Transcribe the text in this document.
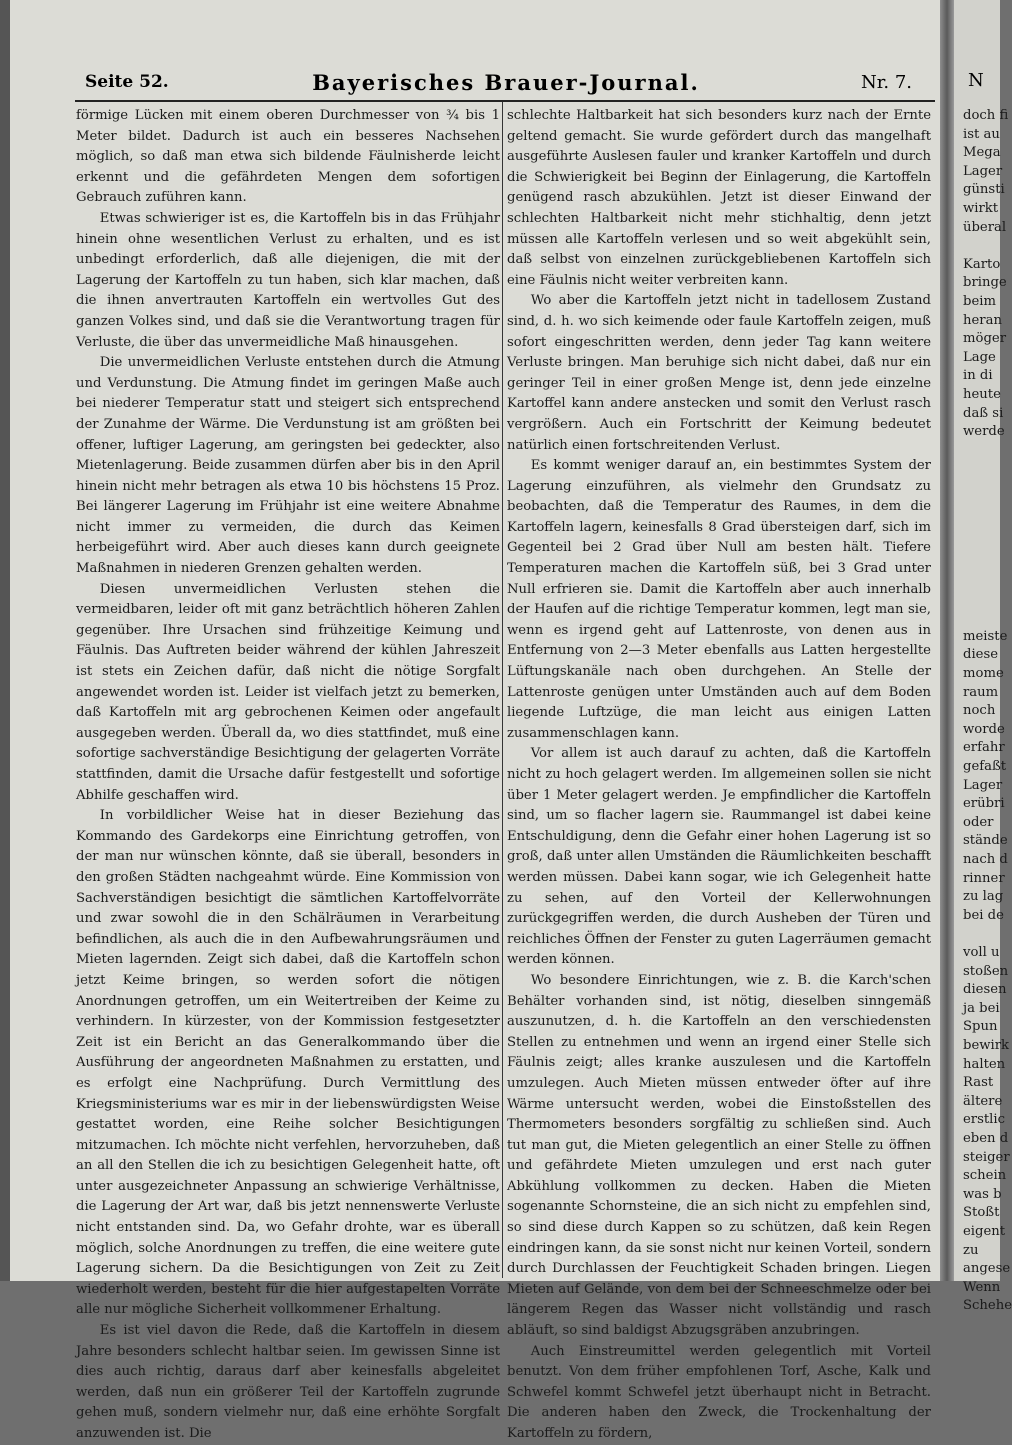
Seite 52.	Bayerisches Brauer-Journal.	Nr. 7.

förmige Lücken mit einem oberen Durchmesser von ¾ bis 1 Meter bildet. Dadurch ist auch ein besseres Nachsehen möglich, so daß man etwa sich bildende Fäulnisherde leicht erkennt und die gefährdeten Mengen dem sofortigen Gebrauch zuführen kann.

Etwas schwieriger ist es, die Kartoffeln bis in das Frühjahr hinein ohne wesentlichen Verlust zu erhalten, und es ist unbedingt erforderlich, daß alle diejenigen, die mit der Lagerung der Kartoffeln zu tun haben, sich klar machen, daß die ihnen anvertrauten Kartoffeln ein wertvolles Gut des ganzen Volkes sind, und daß sie die Verantwortung tragen für Verluste, die über das unvermeidliche Maß hinausgehen.

Die unvermeidlichen Verluste entstehen durch die Atmung und Verdunstung. Die Atmung findet im geringen Maße auch bei niederer Temperatur statt und steigert sich entsprechend der Zunahme der Wärme. Die Verdunstung ist am größten bei offener, luftiger Lagerung, am geringsten bei gedeckter, also Mietenlagerung. Beide zusammen dürfen aber bis in den April hinein nicht mehr betragen als etwa 10 bis höchstens 15 Proz. Bei längerer Lagerung im Frühjahr ist eine weitere Abnahme nicht immer zu vermeiden, die durch das Keimen herbeigeführt wird. Aber auch dieses kann durch geeignete Maßnahmen in niederen Grenzen gehalten werden.

Diesen unvermeidlichen Verlusten stehen die vermeidbaren, leider oft mit ganz beträchtlich höheren Zahlen gegenüber. Ihre Ursachen sind frühzeitige Keimung und Fäulnis. Das Auftreten beider während der kühlen Jahreszeit ist stets ein Zeichen dafür, daß nicht die nötige Sorgfalt angewendet worden ist. Leider ist vielfach jetzt zu bemerken, daß Kartoffeln mit arg gebrochenen Keimen oder angefault ausgegeben werden. Überall da, wo dies stattfindet, muß eine sofortige sachverständige Besichtigung der gelagerten Vorräte stattfinden, damit die Ursache dafür festgestellt und sofortige Abhilfe geschaffen wird.

In vorbildlicher Weise hat in dieser Beziehung das Kommando des Gardekorps eine Einrichtung getroffen, von der man nur wünschen könnte, daß sie überall, besonders in den großen Städten nachgeahmt würde. Eine Kommission von Sachverständigen besichtigt die sämtlichen Kartoffelvorräte und zwar sowohl die in den Schälräumen in Verarbeitung befindlichen, als auch die in den Aufbewahrungsräumen und Mieten lagernden. Zeigt sich dabei, daß die Kartoffeln schon jetzt Keime bringen, so werden sofort die nötigen Anordnungen getroffen, um ein Weitertreiben der Keime zu verhindern. In kürzester, von der Kommission festgesetzter Zeit ist ein Bericht an das Generalkommando über die Ausführung der angeordneten Maßnahmen zu erstatten, und es erfolgt eine Nachprüfung. Durch Vermittlung des Kriegsministeriums war es mir in der liebenswürdigsten Weise gestattet worden, eine Reihe solcher Besichtigungen mitzumachen. Ich möchte nicht verfehlen, hervorzuheben, daß an all den Stellen die ich zu besichtigen Gelegenheit hatte, oft unter ausgezeichneter Anpassung an schwierige Verhältnisse, die Lagerung der Art war, daß bis jetzt nennenswerte Verluste nicht entstanden sind. Da, wo Gefahr drohte, war es überall möglich, solche Anordnungen zu treffen, die eine weitere gute Lagerung sichern. Da die Besichtigungen von Zeit zu Zeit wiederholt werden, besteht für die hier aufgestapelten Vorräte alle nur mögliche Sicherheit vollkommener Erhaltung.

Es ist viel davon die Rede, daß die Kartoffeln in diesem Jahre besonders schlecht haltbar seien. Im gewissen Sinne ist dies auch richtig, daraus darf aber keinesfalls abgeleitet werden, daß nun ein größerer Teil der Kartoffeln zugrunde gehen muß, sondern vielmehr nur, daß eine erhöhte Sorgfalt anzuwenden ist. Die

schlechte Haltbarkeit hat sich besonders kurz nach der Ernte geltend gemacht. Sie wurde gefördert durch das mangelhaft ausgeführte Auslesen fauler und kranker Kartoffeln und durch die Schwierigkeit bei Beginn der Einlagerung, die Kartoffeln genügend rasch abzukühlen. Jetzt ist dieser Einwand der schlechten Haltbarkeit nicht mehr stichhaltig, denn jetzt müssen alle Kartoffeln verlesen und so weit abgekühlt sein, daß selbst von einzelnen zurückgebliebenen Kartoffeln sich eine Fäulnis nicht weiter verbreiten kann.

Wo aber die Kartoffeln jetzt nicht in tadellosem Zustand sind, d. h. wo sich keimende oder faule Kartoffeln zeigen, muß sofort eingeschritten werden, denn jeder Tag kann weitere Verluste bringen. Man beruhige sich nicht dabei, daß nur ein geringer Teil in einer großen Menge ist, denn jede einzelne Kartoffel kann andere anstecken und somit den Verlust rasch vergrößern. Auch ein Fortschritt der Keimung bedeutet natürlich einen fortschreitenden Verlust.

Es kommt weniger darauf an, ein bestimmtes System der Lagerung einzuführen, als vielmehr den Grundsatz zu beobachten, daß die Temperatur des Raumes, in dem die Kartoffeln lagern, keinesfalls 8 Grad übersteigen darf, sich im Gegenteil bei 2 Grad über Null am besten hält. Tiefere Temperaturen machen die Kartoffeln süß, bei 3 Grad unter Null erfrieren sie. Damit die Kartoffeln aber auch innerhalb der Haufen auf die richtige Temperatur kommen, legt man sie, wenn es irgend geht auf Lattenroste, von denen aus in Entfernung von 2—3 Meter ebenfalls aus Latten hergestellte Lüftungskanäle nach oben durchgehen. An Stelle der Lattenroste genügen unter Umständen auch auf dem Boden liegende Luftzüge, die man leicht aus einigen Latten zusammenschlagen kann.

Vor allem ist auch darauf zu achten, daß die Kartoffeln nicht zu hoch gelagert werden. Im allgemeinen sollen sie nicht über 1 Meter gelagert werden. Je empfindlicher die Kartoffeln sind, um so flacher lagern sie. Raummangel ist dabei keine Entschuldigung, denn die Gefahr einer hohen Lagerung ist so groß, daß unter allen Umständen die Räumlichkeiten beschafft werden müssen. Dabei kann sogar, wie ich Gelegenheit hatte zu sehen, auf den Vorteil der Kellerwohnungen zurückgegriffen werden, die durch Ausheben der Türen und reichliches Öffnen der Fenster zu guten Lagerräumen gemacht werden können.

Wo besondere Einrichtungen, wie z. B. die Karch'schen Behälter vorhanden sind, ist nötig, dieselben sinngemäß auszunutzen, d. h. die Kartoffeln an den verschiedensten Stellen zu entnehmen und wenn an irgend einer Stelle sich Fäulnis zeigt; alles kranke auszulesen und die Kartoffeln umzulegen. Auch Mieten müssen entweder öfter auf ihre Wärme untersucht werden, wobei die Einstoßstellen des Thermometers besonders sorgfältig zu schließen sind. Auch tut man gut, die Mieten gelegentlich an einer Stelle zu öffnen und gefährdete Mieten umzulegen und erst nach guter Abkühlung vollkommen zu decken. Haben die Mieten sogenannte Schornsteine, die an sich nicht zu empfehlen sind, so sind diese durch Kappen so zu schützen, daß kein Regen eindringen kann, da sie sonst nicht nur keinen Vorteil, sondern durch Durchlassen der Feuchtigkeit Schaden bringen. Liegen Mieten auf Gelände, von dem bei der Schneeschmelze oder bei längerem Regen das Wasser nicht vollständig und rasch abläuft, so sind baldigst Abzugsgräben anzubringen.

Auch Einstreumittel werden gelegentlich mit Vorteil benutzt. Von dem früher empfohlenen Torf, Asche, Kalk und Schwefel kommt Schwefel jetzt überhaupt nicht in Betracht. Die anderen haben den Zweck, die Trockenhaltung der Kartoffeln zu fördern,

N
doch fi
ist au
Mega
Lager
günsti
wirkt
überal
Karto
bringe
beim
heran
möger
Lage
in di
heute
daß si
werde
meiste
diese
mome
raum
noch
worde
erfahr
gefaßt
Lager
erübri
oder
stände
nach d
rinner
zu lag
bei de
voll u
stoßen
diesen
ja bei
Spun
bewirk
halten
Rast
ältere
erstlic
eben d
steiger
schein
was b
Stoßt
eigent
zu
angese
Wenn
Schehe
